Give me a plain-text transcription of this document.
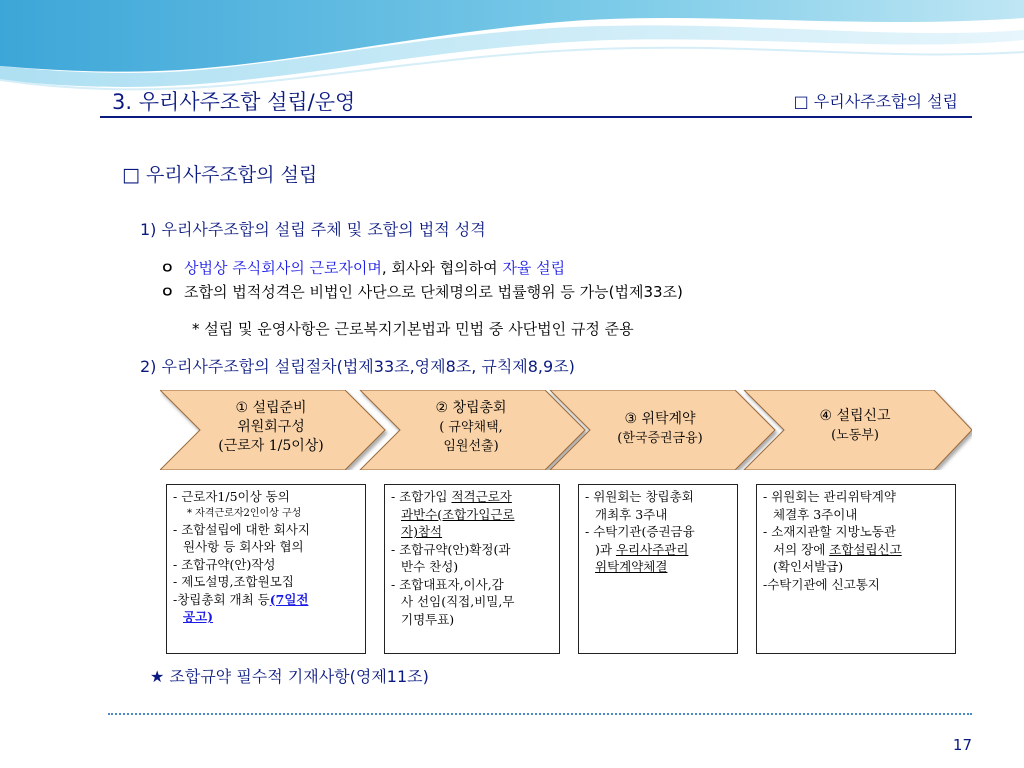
3. 우리사주조합 설립/운영	□ 우리사주조합의 설립
□ 우리사주조합의 설립
1) 우리사주조합의 설립 주체 및 조합의 법적 성격
ㅇ 상법상 주식회사의 근로자이며, 회사와 협의하여 자율 설립
ㅇ 조합의 법적성격은 비법인 사단으로 단체명의로 법률행위 등 가능(법제33조)
* 설립 및 운영사항은 근로복지기본법과 민법 중 사단법인 규정 준용
2) 우리사주조합의 설립절차(법제33조,영제8조, 규칙제8,9조)
① 설립준비
위원회구성
(근로자 1/5이상)
② 창립총회
( 규약채택,
임원선출)
③ 위탁계약
(한국증권금융)
④ 설립신고
(노동부)
- 근로자1/5이상 동의
* 자격근로자2인이상 구성
- 조합설립에 대한 회사지
원사항 등 회사와 협의
- 조합규약(안)작성
- 제도설명,조합원모집
-창립총회 개최 등(7일전
공고)
- 조합가입 적격근로자
과반수(조합가입근로
자)참석
- 조합규약(안)확정(과
반수 찬성)
- 조합대표자,이사,감
사 선임(직접,비밀,무
기명투표)
- 위원회는 창립총회
개최후 3주내
- 수탁기관(증권금융
)과 우리사주관리
위탁계약체결
- 위원회는 관리위탁계약
체결후 3주이내
- 소재지관할 지방노동관
서의 장에 조합설립신고
(확인서발급)
-수탁기관에 신고통지
★ 조합규약 필수적 기재사항(영제11조)
17
